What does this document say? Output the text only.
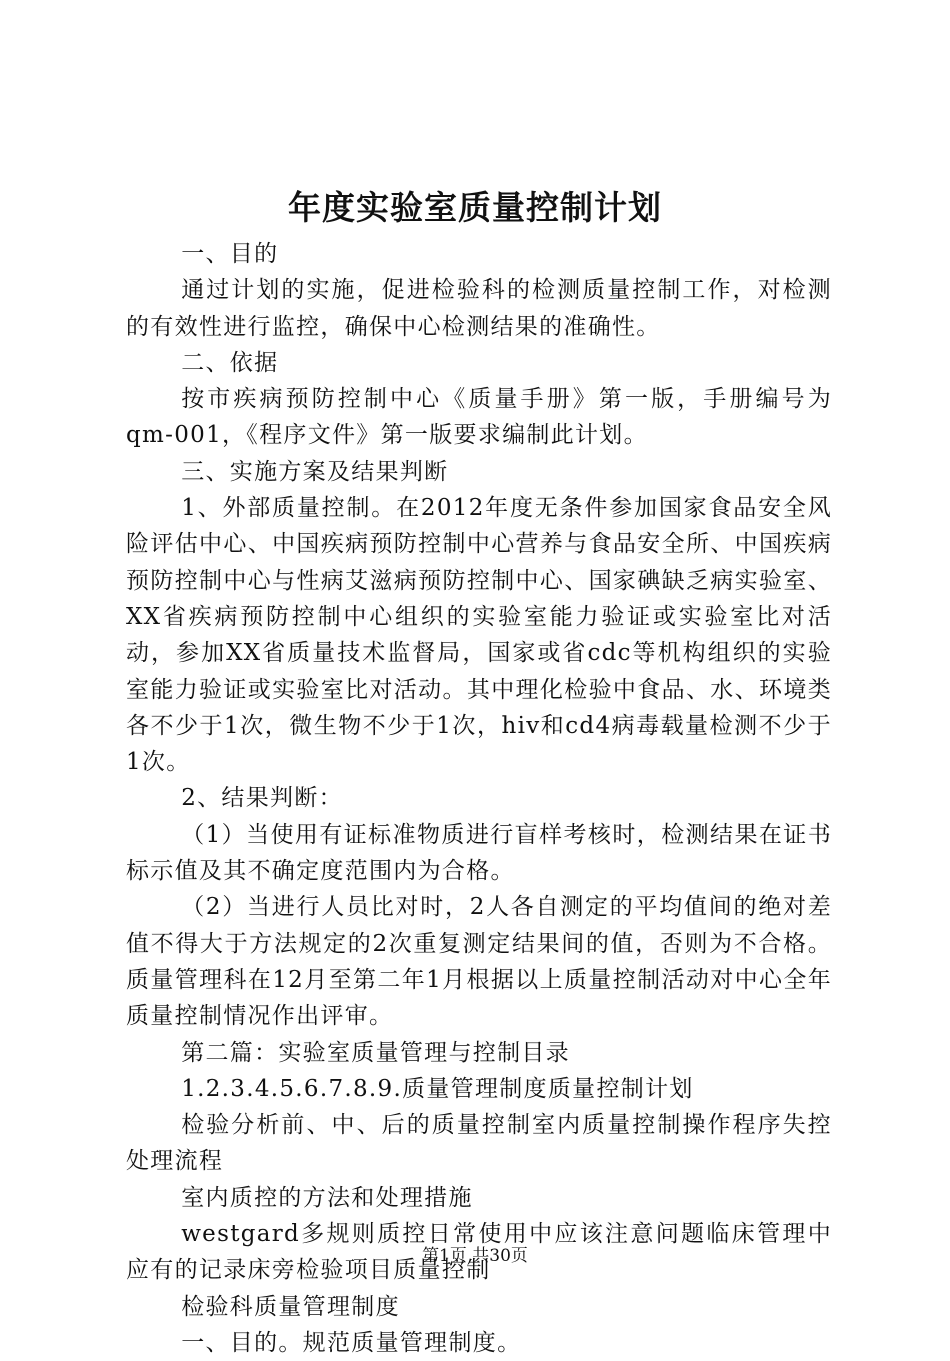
年度实验室质量控制计划

一、目的

通过计划的实施，促进检验科的检测质量控制工作，对检测的有效性进行监控，确保中心检测结果的准确性。

二、依据

按市疾病预防控制中心《质量手册》第一版，手册编号为qm-001，《程序文件》第一版要求编制此计划。

三、实施方案及结果判断

1、外部质量控制。在2012年度无条件参加国家食品安全风险评估中心、中国疾病预防控制中心营养与食品安全所、中国疾病预防控制中心与性病艾滋病预防控制中心、国家碘缺乏病实验室、XX省疾病预防控制中心组织的实验室能力验证或实验室比对活动，参加XX省质量技术监督局，国家或省cdc等机构组织的实验室能力验证或实验室比对活动。其中理化检验中食品、水、环境类各不少于1次，微生物不少于1次，hiv和cd4病毒载量检测不少于1次。

2、结果判断：

（1）当使用有证标准物质进行盲样考核时，检测结果在证书标示值及其不确定度范围内为合格。

（2）当进行人员比对时，2人各自测定的平均值间的绝对差值不得大于方法规定的2次重复测定结果间的值，否则为不合格。质量管理科在12月至第二年1月根据以上质量控制活动对中心全年质量控制情况作出评审。

第二篇：实验室质量管理与控制目录

1.2.3.4.5.6.7.8.9.质量管理制度质量控制计划

检验分析前、中、后的质量控制室内质量控制操作程序失控处理流程

室内质控的方法和处理措施

westgard多规则质控日常使用中应该注意问题临床管理中应有的记录床旁检验项目质量控制

检验科质量管理制度

一、目的。规范质量管理制度。

第1页 共30页
